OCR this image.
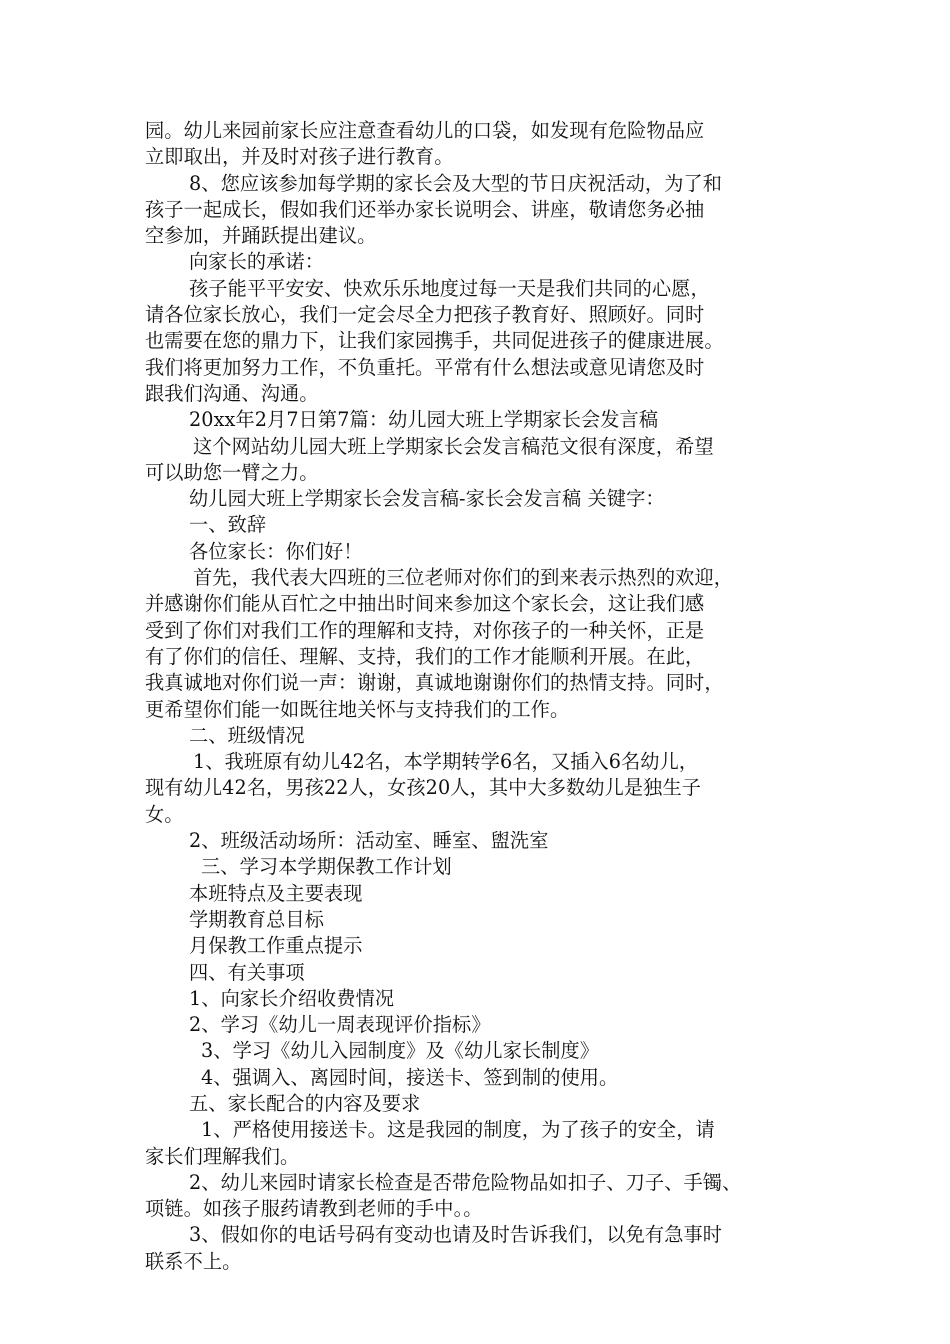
园。幼儿来园前家长应注意查看幼儿的口袋，如发现有危险物品应
立即取出，并及时对孩子进行教育。
8、您应该参加每学期的家长会及大型的节日庆祝活动，为了和
孩子一起成长，假如我们还举办家长说明会、讲座，敬请您务必抽
空参加，并踊跃提出建议。
向家长的承诺：
孩子能平平安安、快欢乐乐地度过每一天是我们共同的心愿，
请各位家长放心，我们一定会尽全力把孩子教育好、照顾好。同时
也需要在您的鼎力下，让我们家园携手，共同促进孩子的健康进展。
我们将更加努力工作，不负重托。平常有什么想法或意见请您及时
跟我们沟通、沟通。
20xx年2月7日第7篇：幼儿园大班上学期家长会发言稿
这个网站幼儿园大班上学期家长会发言稿范文很有深度，希望
可以助您一臂之力。
幼儿园大班上学期家长会发言稿-家长会发言稿 关键字：
一、致辞
各位家长：你们好！
首先，我代表大四班的三位老师对你们的到来表示热烈的欢迎，
并感谢你们能从百忙之中抽出时间来参加这个家长会，这让我们感
受到了你们对我们工作的理解和支持，对你孩子的一种关怀，正是
有了你们的信任、理解、支持，我们的工作才能顺利开展。在此，
我真诚地对你们说一声：谢谢，真诚地谢谢你们的热情支持。同时，
更希望你们能一如既往地关怀与支持我们的工作。
二、班级情况
1、我班原有幼儿42名，本学期转学6名，又插入6名幼儿，
现有幼儿42名，男孩22人，女孩20人，其中大多数幼儿是独生子
女。
2、班级活动场所：活动室、睡室、盥洗室
三、学习本学期保教工作计划
本班特点及主要表现
学期教育总目标
月保教工作重点提示
四、有关事项
1、向家长介绍收费情况
2、学习《幼儿一周表现评价指标》
3、学习《幼儿入园制度》及《幼儿家长制度》
4、强调入、离园时间，接送卡、签到制的使用。
五、家长配合的内容及要求
1、严格使用接送卡。这是我园的制度，为了孩子的安全，请
家长们理解我们。
2、幼儿来园时请家长检查是否带危险物品如扣子、刀子、手镯、
项链。如孩子服药请教到老师的手中。。
3、假如你的电话号码有变动也请及时告诉我们，以免有急事时
联系不上。
